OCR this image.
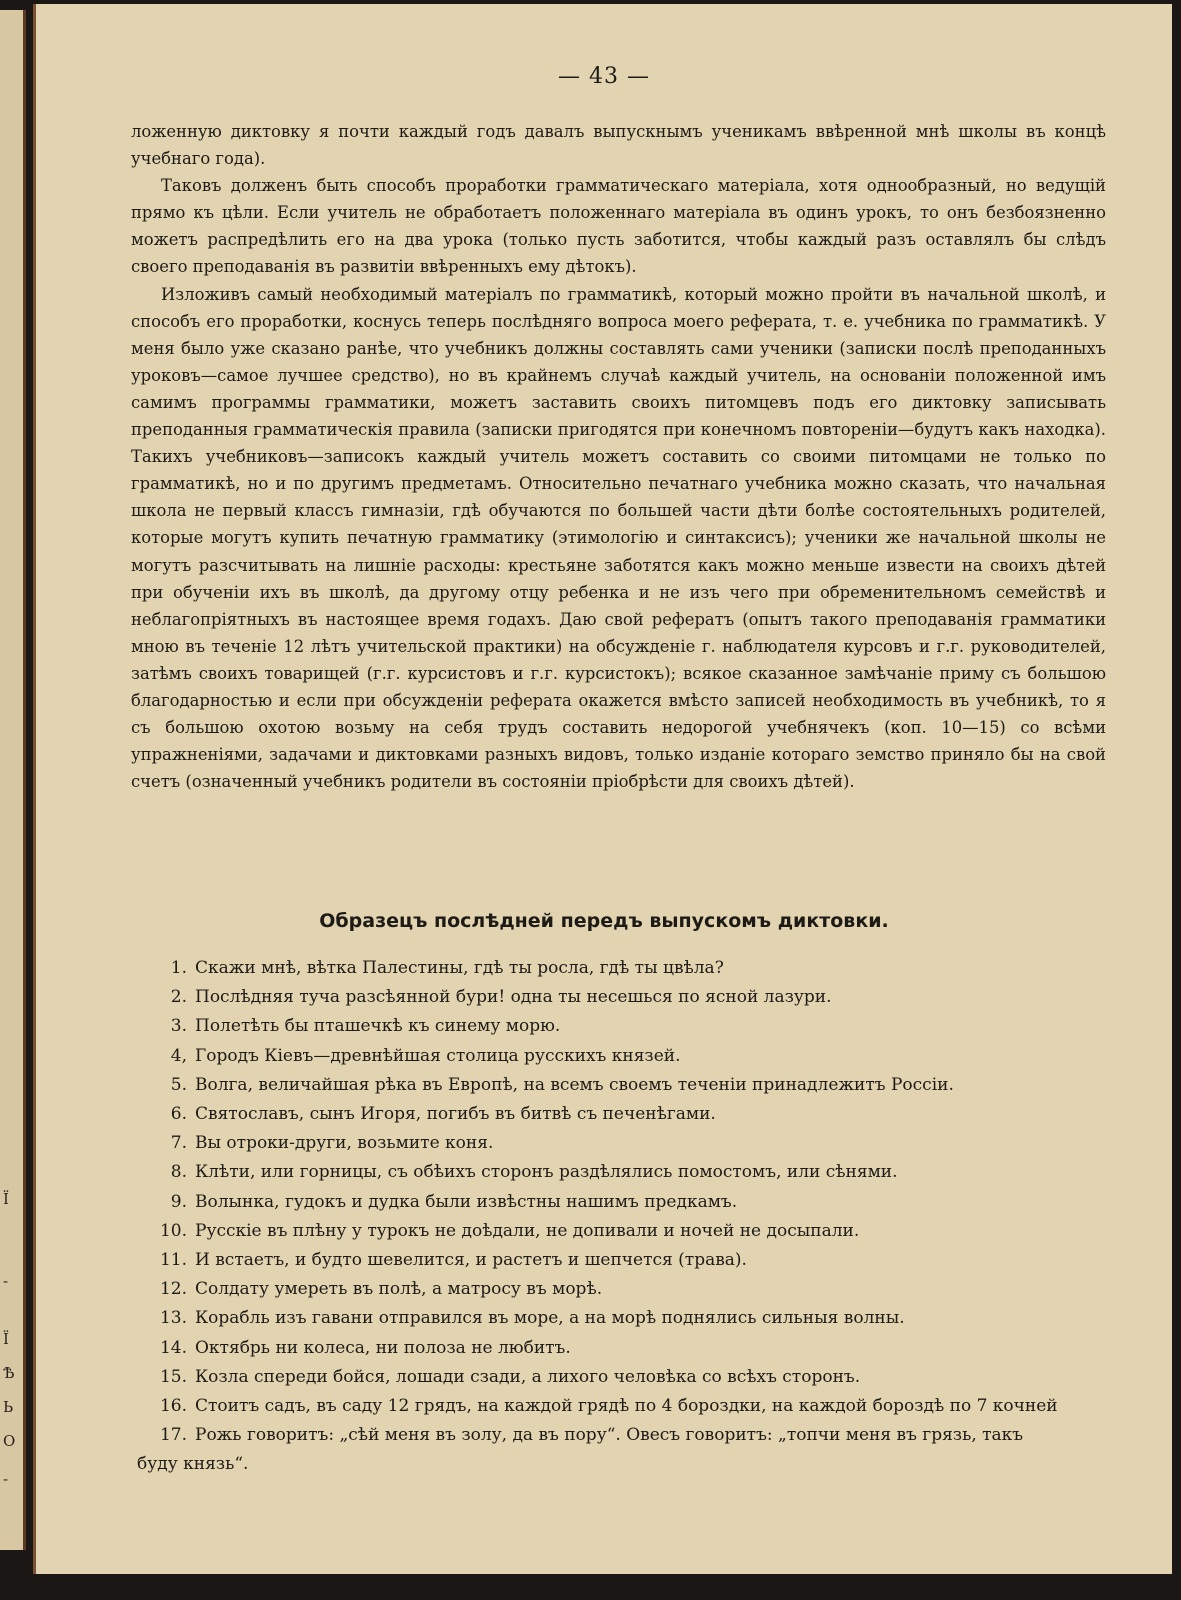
Ї
‐
Ї
Ѣ
Ь
О
‐
— 43 —

ложенную диктовку я почти каждый годъ давалъ выпускнымъ ученикамъ ввѣренной мнѣ школы въ концѣ учебнаго года).

Таковъ долженъ быть способъ проработки грамматическаго матеріала, хотя однообразный, но ведущій прямо къ цѣли. Если учитель не обработаетъ положеннаго матеріала въ одинъ урокъ, то онъ безбоязненно можетъ распредѣлить его на два урока (только пусть заботится, чтобы каждый разъ оставлялъ бы слѣдъ своего преподаванія въ развитіи ввѣренныхъ ему дѣтокъ).

Изложивъ самый необходимый матеріалъ по грамматикѣ, который можно пройти въ начальной школѣ, и способъ его проработки, коснусь теперь послѣдняго вопроса моего реферата, т. е. учебника по грамматикѣ. У меня было уже сказано ранѣе, что учебникъ должны составлять сами ученики (записки послѣ преподанныхъ уроковъ—самое лучшее средство), но въ крайнемъ случаѣ каждый учитель, на основаніи положенной имъ самимъ программы грамматики, можетъ заставить своихъ питомцевъ подъ его диктовку записывать преподанныя грамматическія правила (записки пригодятся при конечномъ повтореніи—будутъ какъ находка). Такихъ учебниковъ—записокъ каждый учитель можетъ составить со своими питомцами не только по грамматикѣ, но и по другимъ предметамъ. Относительно печатнаго учебника можно сказать, что начальная школа не первый классъ гимназіи, гдѣ обучаются по большей части дѣти болѣе состоятельныхъ родителей, которые могутъ купить печатную грамматику (этимологію и синтаксисъ); ученики же начальной школы не могутъ разсчитывать на лишніе расходы: крестьяне заботятся какъ можно меньше извести на своихъ дѣтей при обученіи ихъ въ школѣ, да другому отцу ребенка и не изъ чего при обременительномъ семействѣ и неблагопріятныхъ въ настоящее время годахъ. Даю свой рефератъ (опытъ такого преподаванія грамматики мною въ теченіе 12 лѣтъ учительской практики) на обсужденіе г. наблюдателя курсовъ и г.г. руководителей, затѣмъ своихъ товарищей (г.г. курсистовъ и г.г. курсистокъ); всякое сказанное замѣчаніе приму съ большою благодарностью и если при обсужденіи реферата окажется вмѣсто записей необходимость въ учебникѣ, то я съ большою охотою возьму на себя трудъ составить недорогой учебнячекъ (коп. 10—15) со всѣми упражненіями, задачами и диктовками разныхъ видовъ, только изданіе котораго земство приняло бы на свой счетъ (означенный учебникъ родители въ состояніи пріобрѣсти для своихъ дѣтей).

Образецъ послѣдней передъ выпускомъ диктовки.
1. Скажи мнѣ, вѣтка Палестины, гдѣ ты росла, гдѣ ты цвѣла?
2. Послѣдняя туча разсѣянной бури! одна ты несешься по ясной лазури.
3. Полетѣть бы пташечкѣ къ синему морю.
4, Городъ Кіевъ—древнѣйшая столица русскихъ князей.
5. Волга, величайшая рѣка въ Европѣ, на всемъ своемъ теченіи принадлежитъ Россіи.
6. Святославъ, сынъ Игоря, погибъ въ битвѣ съ печенѣгами.
7. Вы отроки-други, возьмите коня.
8. Клѣти, или горницы, съ обѣихъ сторонъ раздѣлялись помостомъ, или сѣнями.
9. Волынка, гудокъ и дудка были извѣстны нашимъ предкамъ.
10. Русскіе въ плѣну у турокъ не доѣдали, не допивали и ночей не досыпали.
11. И встаетъ, и будто шевелится, и растетъ и шепчется (трава).
12. Солдату умереть въ полѣ, а матросу въ морѣ.
13. Корабль изъ гавани отправился въ море, а на морѣ поднялись сильныя волны.
14. Октябрь ни колеса, ни полоза не любитъ.
15. Козла спереди бойся, лошади сзади, а лихого человѣка со всѣхъ сторонъ.
16. Стоитъ садъ, въ саду 12 грядъ, на каждой грядѣ по 4 бороздки, на каждой бороздѣ по 7 кочней
17. Рожь говоритъ: „сѣй меня въ золу, да въ пору“. Овесъ говоритъ: „топчи меня въ грязь, такъ
буду князь“.
